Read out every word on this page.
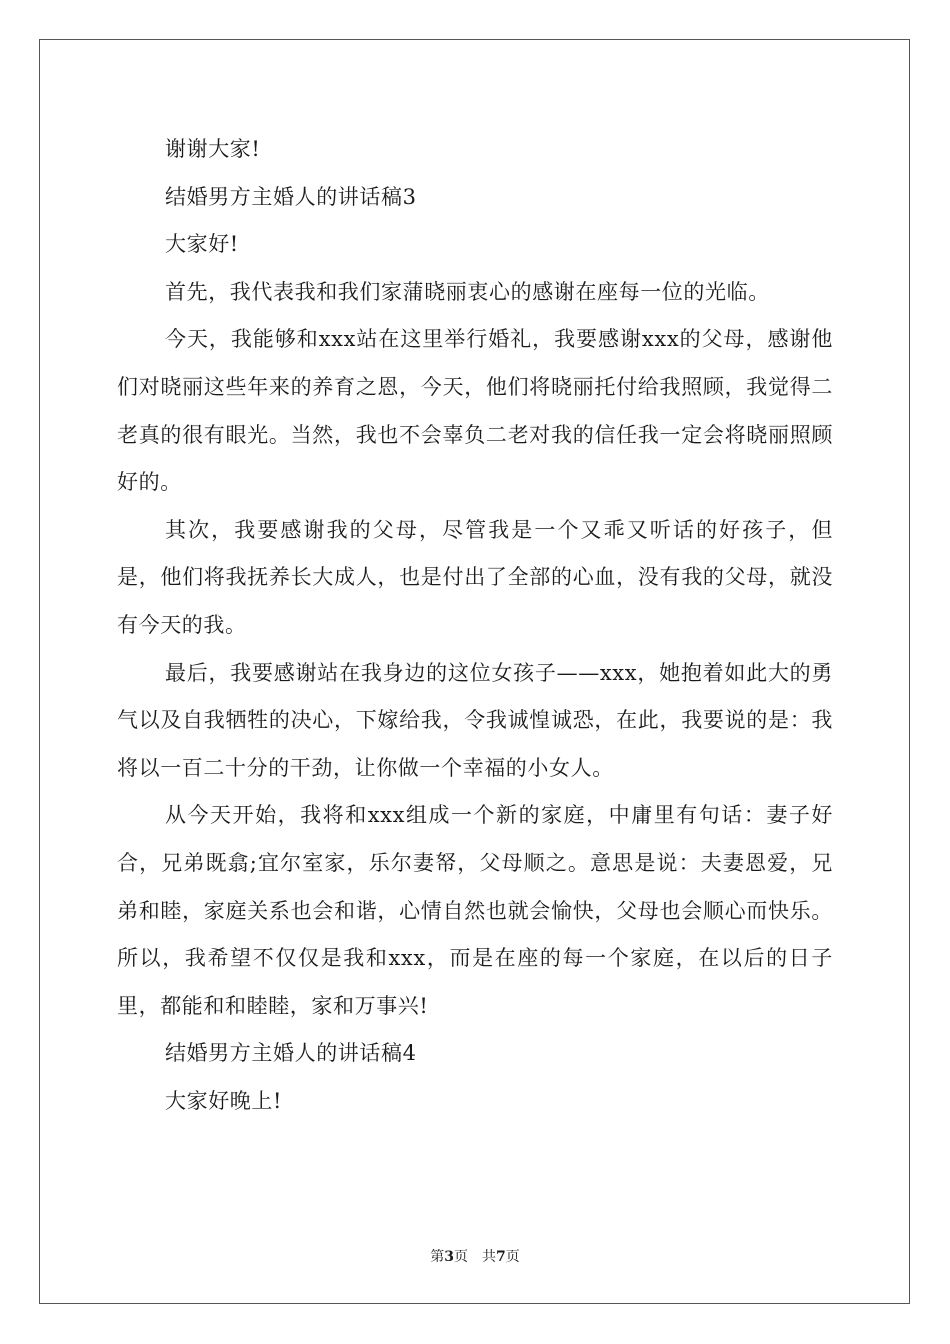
谢谢大家!

结婚男方主婚人的讲话稿3

大家好!

首先，我代表我和我们家蒲晓丽衷心的感谢在座每一位的光临。

今天，我能够和xxx站在这里举行婚礼，我要感谢xxx的父母，感谢他们对晓丽这些年来的养育之恩，今天，他们将晓丽托付给我照顾，我觉得二老真的很有眼光。当然，我也不会辜负二老对我的信任我一定会将晓丽照顾好的。

其次，我要感谢我的父母，尽管我是一个又乖又听话的好孩子，但是，他们将我抚养长大成人，也是付出了全部的心血，没有我的父母，就没有今天的我。

最后，我要感谢站在我身边的这位女孩子——xxx，她抱着如此大的勇气以及自我牺牲的决心，下嫁给我，令我诚惶诚恐，在此，我要说的是：我将以一百二十分的干劲，让你做一个幸福的小女人。

从今天开始，我将和xxx组成一个新的家庭，中庸里有句话：妻子好合，兄弟既翕;宜尔室家，乐尔妻帑，父母顺之。意思是说：夫妻恩爱，兄弟和睦，家庭关系也会和谐，心情自然也就会愉快，父母也会顺心而快乐。所以，我希望不仅仅是我和xxx，而是在座的每一个家庭，在以后的日子里，都能和和睦睦，家和万事兴!

结婚男方主婚人的讲话稿4

大家好晚上!

第3页 共7页
